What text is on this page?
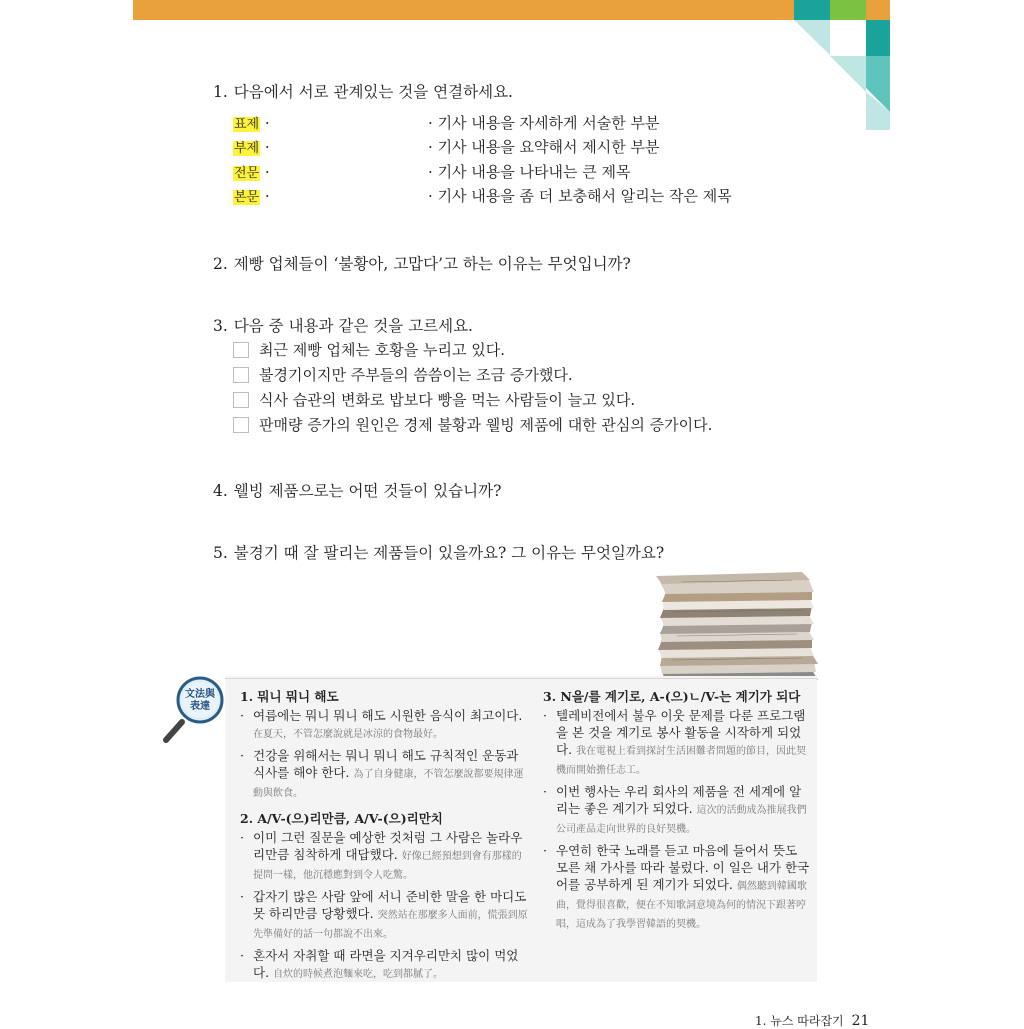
1. 다음에서 서로 관계있는 것을 연결하세요.
표제 ·
부제 ·
전문 ·
본문 ·
· 기사 내용을 자세하게 서술한 부분
· 기사 내용을 요약해서 제시한 부분
· 기사 내용을 나타내는 큰 제목
· 기사 내용을 좀 더 보충해서 알리는 작은 제목
2. 제빵 업체들이 ‘불황아, 고맙다’고 하는 이유는 무엇입니까?
3. 다음 중 내용과 같은 것을 고르세요.
최근 제빵 업체는 호황을 누리고 있다.
불경기이지만 주부들의 씀씀이는 조금 증가했다.
식사 습관의 변화로 밥보다 빵을 먹는 사람들이 늘고 있다.
판매량 증가의 원인은 경제 불황과 웰빙 제품에 대한 관심의 증가이다.
4. 웰빙 제품으로는 어떤 것들이 있습니까?
5. 불경기 때 잘 팔리는 제품들이 있을까요? 그 이유는 무엇일까요?
文法與
表達
1. 뭐니 뭐니 해도
· 여름에는 뭐니 뭐니 해도 시원한 음식이 최고이다.
在夏天，不管怎麼說就是冰涼的食物最好。
· 건강을 위해서는 뭐니 뭐니 해도 규칙적인 운동과 식사를 해야 한다. 為了自身健康，不管怎麼說都要規律運動與飲食。
2. A/V-(으)리만큼, A/V-(으)리만치
· 이미 그런 질문을 예상한 것처럼 그 사람은 놀라우리만큼 침착하게 대답했다. 好像已經預想到會有那樣的提問一樣，他沉穩應對到令人吃驚。
· 갑자기 많은 사람 앞에 서니 준비한 말을 한 마디도 못 하리만큼 당황했다. 突然站在那麼多人面前，慌張到原先準備好的話一句都說不出來。
· 혼자서 자취할 때 라면을 지겨우리만치 많이 먹었다. 自炊的時候煮泡麵來吃，吃到都膩了。
3. N을/를 계기로, A-(으)ㄴ/V-는 계기가 되다
· 텔레비전에서 불우 이웃 문제를 다룬 프로그램을 본 것을 계기로 봉사 활동을 시작하게 되었다. 我在電視上看到探討生活困難者問題的節目，因此契機而開始擔任志工。
· 이번 행사는 우리 회사의 제품을 전 세계에 알리는 좋은 계기가 되었다. 這次的活動成為推展我們公司產品走向世界的良好契機。
· 우연히 한국 노래를 듣고 마음에 들어서 뜻도 모른 채 가사를 따라 불렀다. 이 일은 내가 한국어를 공부하게 된 계기가 되었다. 偶然聽到韓國歌曲，覺得很喜歡，便在不知歌詞意境為何的情況下跟著哼唱，這成為了我學習韓語的契機。
1. 뉴스 따라잡기 21
